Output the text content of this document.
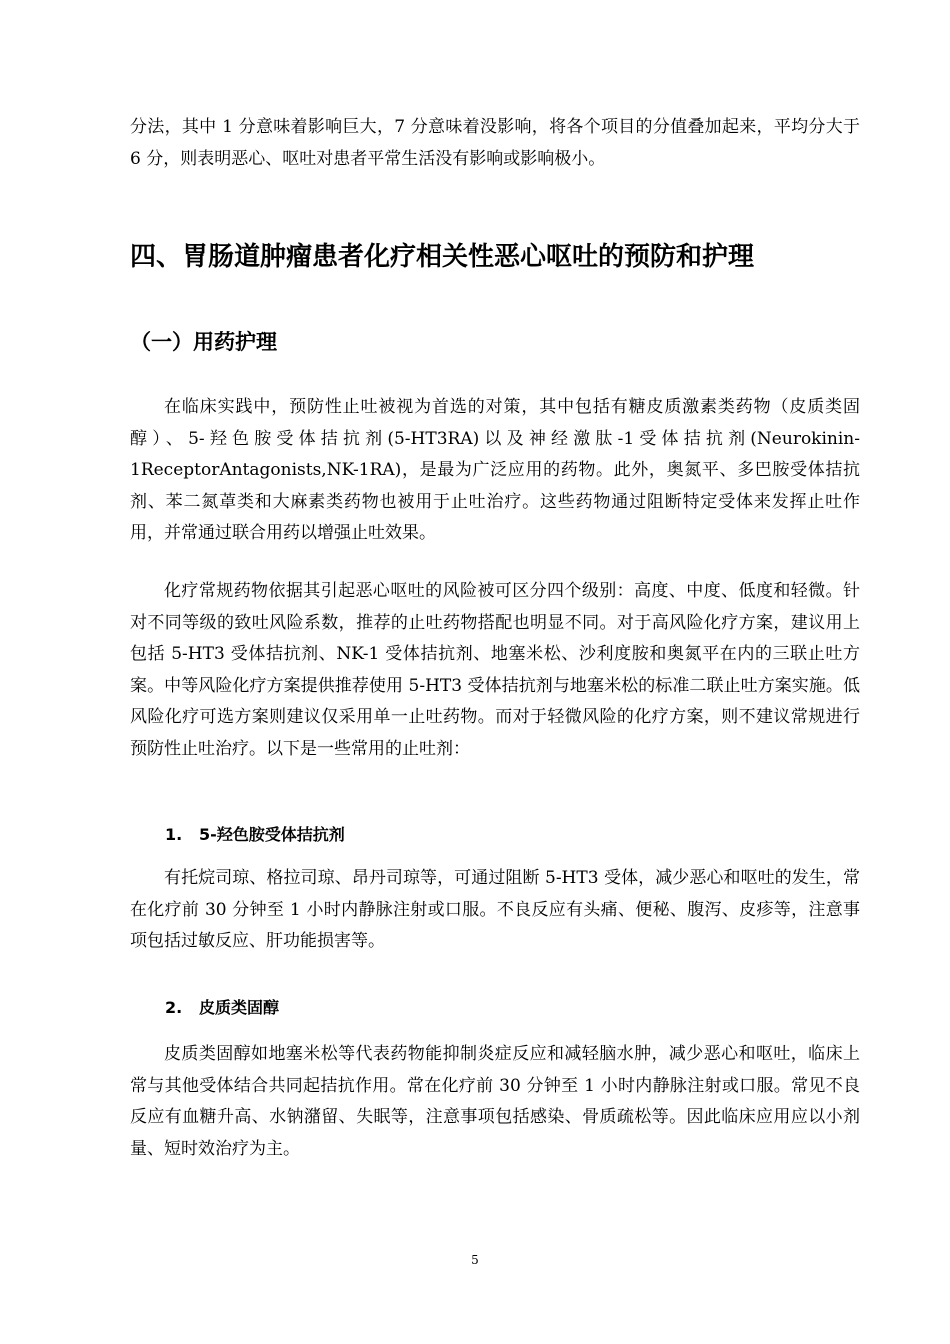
分法，其中 1 分意味着影响巨大，7 分意味着没影响，将各个项目的分值叠加起来，平均分大于 6 分，则表明恶心、呕吐对患者平常生活没有影响或影响极小。

四、胃肠道肿瘤患者化疗相关性恶心呕吐的预防和护理
（一）用药护理

在临床实践中，预防性止吐被视为首选的对策，其中包括有糖皮质激素类药物（皮质类固醇）、5-羟色胺受体拮抗剂(5-HT3RA)以及神经激肽-1受体拮抗剂(Neurokinin-1ReceptorAntagonists,NK-1RA)，是最为广泛应用的药物。此外，奥氮平、多巴胺受体拮抗剂、苯二氮䓬类和大麻素类药物也被用于止吐治疗。这些药物通过阻断特定受体来发挥止吐作用，并常通过联合用药以增强止吐效果。

化疗常规药物依据其引起恶心呕吐的风险被可区分四个级别：高度、中度、低度和轻微。针对不同等级的致吐风险系数，推荐的止吐药物搭配也明显不同。对于高风险化疗方案，建议用上包括 5-HT3 受体拮抗剂、NK-1 受体拮抗剂、地塞米松、沙利度胺和奥氮平在内的三联止吐方案。中等风险化疗方案提供推荐使用 5-HT3 受体拮抗剂与地塞米松的标准二联止吐方案实施。低风险化疗可选方案则建议仅采用单一止吐药物。而对于轻微风险的化疗方案，则不建议常规进行预防性止吐治疗。以下是一些常用的止吐剂：

1. 5-羟色胺受体拮抗剂

有托烷司琼、格拉司琼、昂丹司琼等，可通过阻断 5-HT3 受体，减少恶心和呕吐的发生，常在化疗前 30 分钟至 1 小时内静脉注射或口服。不良反应有头痛、便秘、腹泻、皮疹等，注意事项包括过敏反应、肝功能损害等。

2. 皮质类固醇

皮质类固醇如地塞米松等代表药物能抑制炎症反应和减轻脑水肿，减少恶心和呕吐，临床上常与其他受体结合共同起拮抗作用。常在化疗前 30 分钟至 1 小时内静脉注射或口服。常见不良反应有血糖升高、水钠潴留、失眠等，注意事项包括感染、骨质疏松等。因此临床应用应以小剂量、短时效治疗为主。

5
